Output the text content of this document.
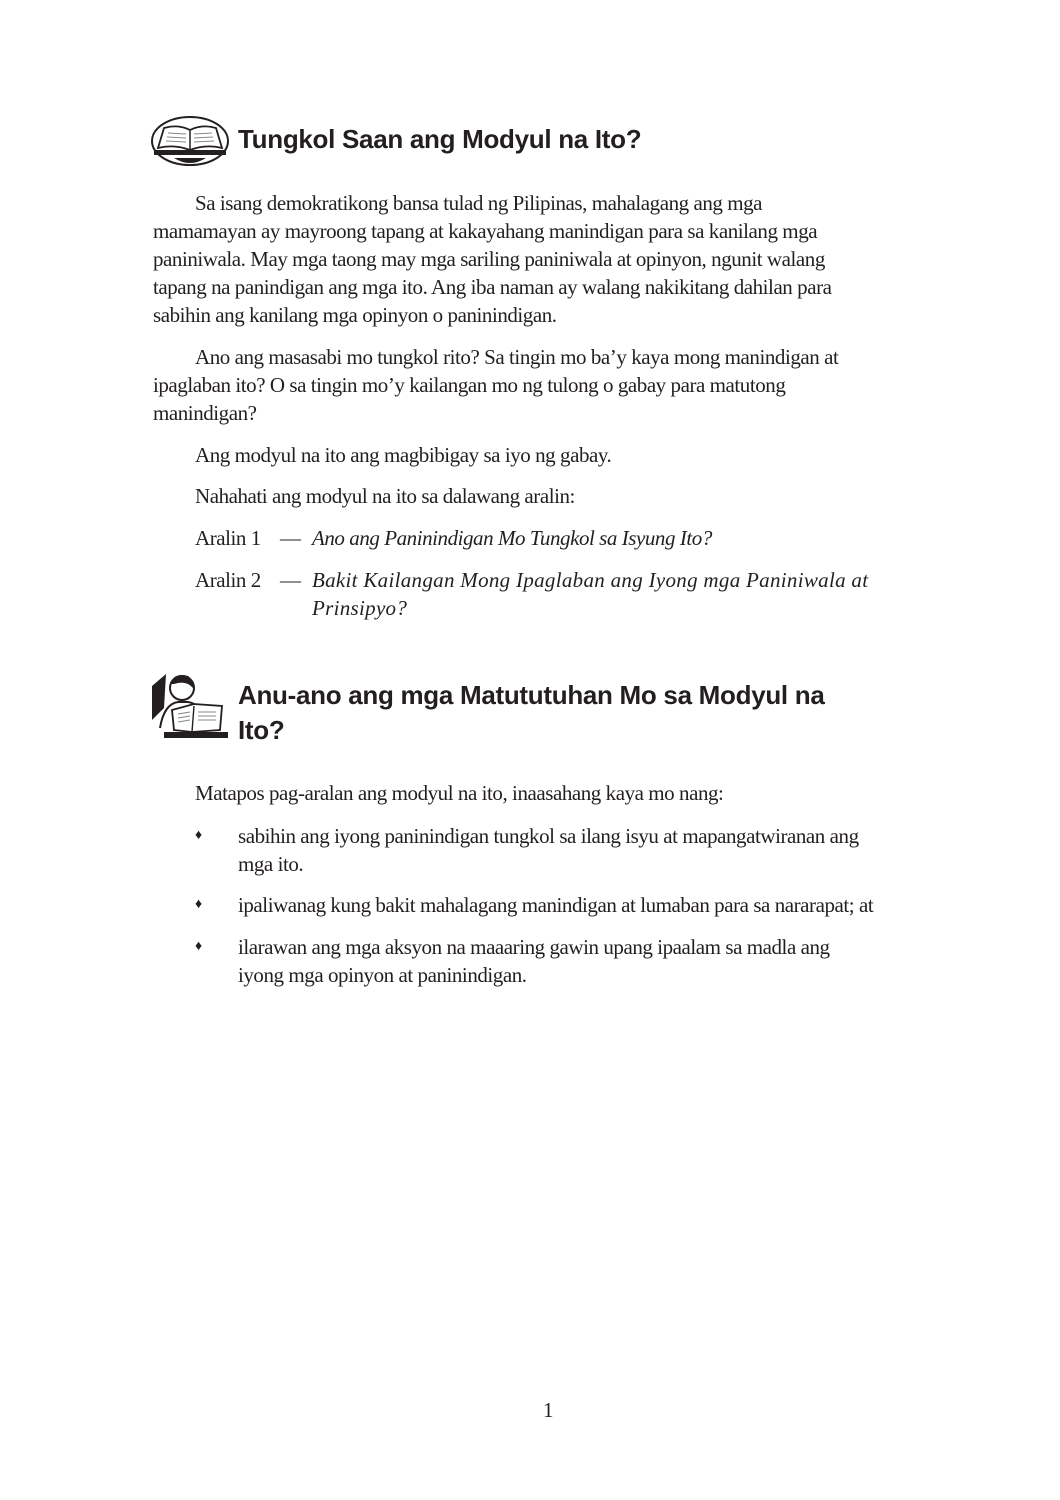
Tungkol Saan ang Modyul na Ito?
Sa isang demokratikong bansa tulad ng Pilipinas, mahalagang ang mga
mamamayan ay mayroong tapang at kakayahang manindigan para sa kanilang mga
paniniwala. May mga taong may mga sariling paniniwala at opinyon, ngunit walang
tapang na panindigan ang mga ito. Ang iba naman ay walang nakikitang dahilan para
sabihin ang kanilang mga opinyon o paninindigan.
Ano ang masasabi mo tungkol rito? Sa tingin mo ba’y kaya mong manindigan at
ipaglaban ito? O sa tingin mo’y kailangan mo ng tulong o gabay para matutong
manindigan?
Ang modyul na ito ang magbibigay sa iyo ng gabay.
Nahahati ang modyul na ito sa dalawang aralin:
Aralin 1 — Ano ang Paninindigan Mo Tungkol sa Isyung Ito?
Aralin 2 — Bakit Kailangan Mong Ipaglaban ang Iyong mga Paniniwala at
Prinsipyo?
Anu-ano ang mga Matututuhan Mo sa Modyul na
Ito?
Matapos pag-aralan ang modyul na ito, inaasahang kaya mo nang:
♦ sabihin ang iyong paninindigan tungkol sa ilang isyu at mapangatwiranan ang
mga ito.
♦ ipaliwanag kung bakit mahalagang manindigan at lumaban para sa nararapat; at
♦ ilarawan ang mga aksyon na maaaring gawin upang ipaalam sa madla ang
iyong mga opinyon at paninindigan.
1
